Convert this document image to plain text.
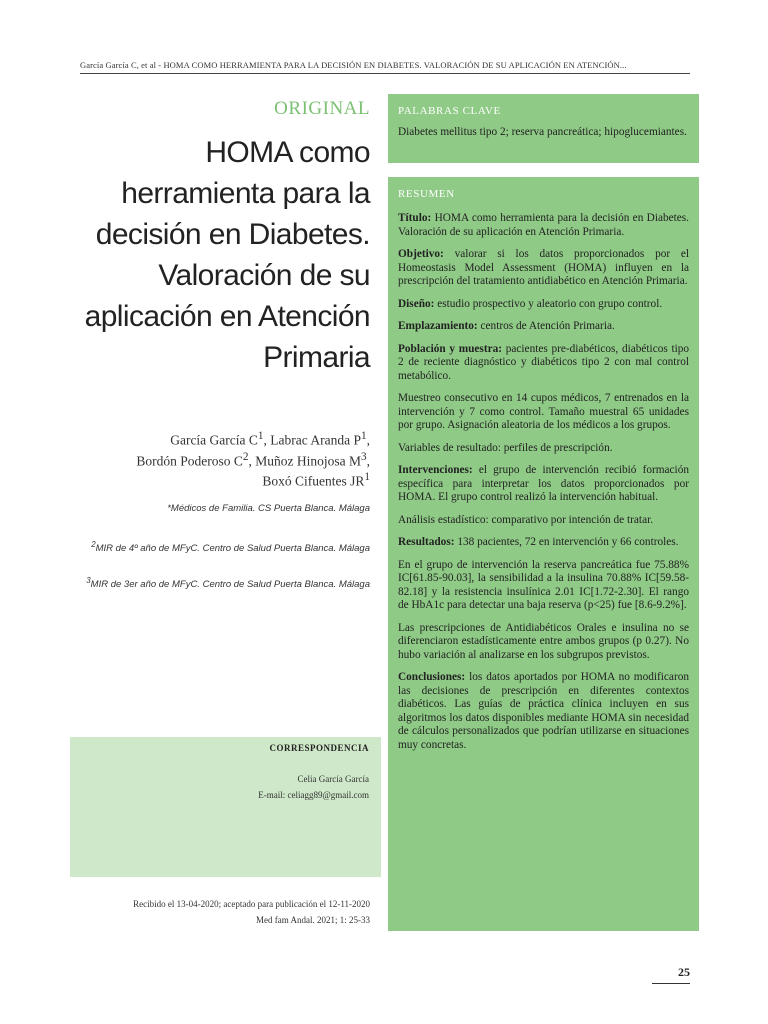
García García C, et al - HOMA COMO HERRAMIENTA PARA LA DECISIÓN EN DIABETES. VALORACIÓN DE SU APLICACIÓN EN ATENCIÓN...
ORIGINAL
HOMA como herramienta para la decisión en Diabetes. Valoración de su aplicación en Atención Primaria
García García $C^1$, Labrac Aranda $P^1$,
Bordón Poderoso $C^2$, Muñoz Hinojosa $M^3$,
Boxó Cifuentes $JR^1$
*Médicos de Familia. CS Puerta Blanca. Málaga
$^2$MIR de 4º año de MFyC. Centro de Salud Puerta Blanca. Málaga
$^3$MIR de 3er año de MFyC. Centro de Salud Puerta Blanca. Málaga
CORRESPONDENCIA
Celia García García
E-mail: celiagg89@gmail.com
Recibido el 13-04-2020; aceptado para publicación el 12-11-2020
Med fam Andal. 2021; 1: 25-33
PALABRAS CLAVE
Diabetes mellitus tipo 2; reserva pancreática; hipoglucemiantes.
RESUMEN

Título: HOMA como herramienta para la decisión en Diabetes. Valoración de su aplicación en Atención Primaria.

Objetivo: valorar si los datos proporcionados por el Homeostasis Model Assessment (HOMA) influyen en la prescripción del tratamiento antidiabético en Atención Primaria.

Diseño: estudio prospectivo y aleatorio con grupo control.

Emplazamiento: centros de Atención Primaria.

Población y muestra: pacientes pre-diabéticos, diabéticos tipo 2 de reciente diagnóstico y diabéticos tipo 2 con mal control metabólico.

Muestreo consecutivo en 14 cupos médicos, 7 entrenados en la intervención y 7 como control. Tamaño muestral 65 unidades por grupo. Asignación aleatoria de los médicos a los grupos.

Variables de resultado: perfiles de prescripción.

Intervenciones: el grupo de intervención recibió formación específica para interpretar los datos proporcionados por HOMA. El grupo control realizó la intervención habitual.

Análisis estadístico: comparativo por intención de tratar.

Resultados: 138 pacientes, 72 en intervención y 66 controles.

En el grupo de intervención la reserva pancreática fue 75.88% IC[61.85-90.03], la sensibilidad a la insulina 70.88% IC[59.58-82.18] y la resistencia insulínica 2.01 IC[1.72-2.30]. El rango de HbA1c para detectar una baja reserva (p<25) fue [8.6-9.2%].

Las prescripciones de Antidiabéticos Orales e insulina no se diferenciaron estadísticamente entre ambos grupos (p 0.27). No hubo variación al analizarse en los subgrupos previstos.

Conclusiones: los datos aportados por HOMA no modificaron las decisiones de prescripción en diferentes contextos diabéticos. Las guías de práctica clínica incluyen en sus algoritmos los datos disponibles mediante HOMA sin necesidad de cálculos personalizados que podrían utilizarse en situaciones muy concretas.

25
